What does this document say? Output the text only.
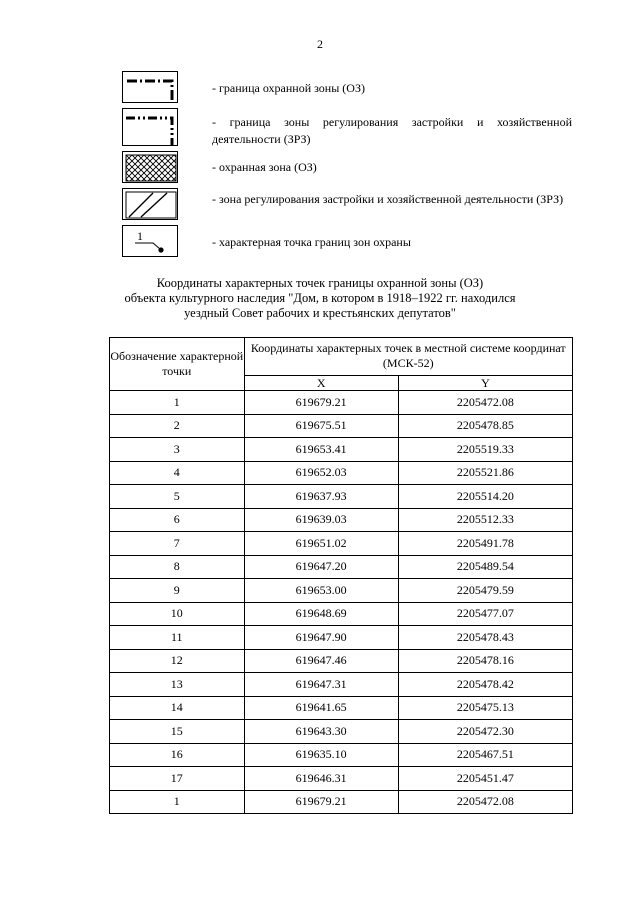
2
- граница охранной зоны (ОЗ)
- граница зоны регулирования застройки и хозяйственной деятельности (ЗРЗ)
- охранная зона (ОЗ)
- зона регулирования застройки и хозяйственной деятельности (ЗРЗ)
1	- характерная точка границ зон охраны
Координаты характерных точек границы охранной зоны (ОЗ)
объекта культурного наследия "Дом, в котором в 1918–1922 гг. находился
уездный Совет рабочих и крестьянских депутатов"
Обозначение характерной точки	Координаты характерных точек в местной системе координат (МСК-52)	
	X	Y
1	619679.21	2205472.08
2	619675.51	2205478.85
3	619653.41	2205519.33
4	619652.03	2205521.86
5	619637.93	2205514.20
6	619639.03	2205512.33
7	619651.02	2205491.78
8	619647.20	2205489.54
9	619653.00	2205479.59
10	619648.69	2205477.07
11	619647.90	2205478.43
12	619647.46	2205478.16
13	619647.31	2205478.42
14	619641.65	2205475.13
15	619643.30	2205472.30
16	619635.10	2205467.51
17	619646.31	2205451.47
1	619679.21	2205472.08
